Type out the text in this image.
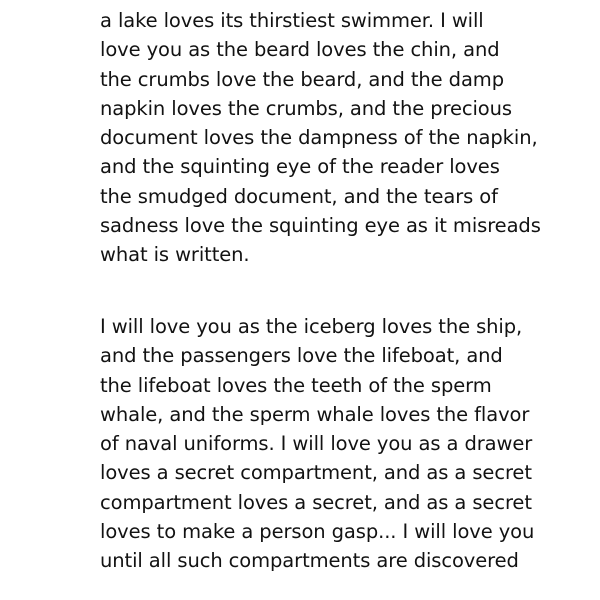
a lake loves its thirstiest swimmer. I will
love you as the beard loves the chin, and
the crumbs love the beard, and the damp
napkin loves the crumbs, and the precious
document loves the dampness of the napkin,
and the squinting eye of the reader loves
the smudged document, and the tears of
sadness love the squinting eye as it misreads
what is written.
I will love you as the iceberg loves the ship,
and the passengers love the lifeboat, and
the lifeboat loves the teeth of the sperm
whale, and the sperm whale loves the flavor
of naval uniforms. I will love you as a drawer
loves a secret compartment, and as a secret
compartment loves a secret, and as a secret
loves to make a person gasp... I will love you
until all such compartments are discovered
